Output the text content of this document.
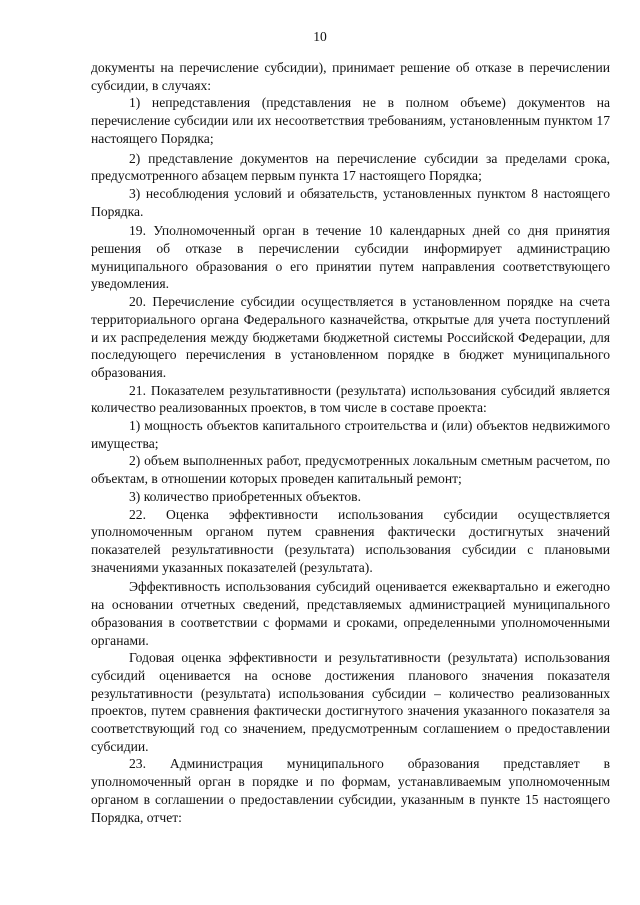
10

документы на перечисление субсидии), принимает решение об отказе в перечислении субсидии, в случаях:

1) непредставления (представления не в полном объеме) документов на перечисление субсидии или их несоответствия требованиям, установленным пунктом 17 настоящего Порядка;

2) представление документов на перечисление субсидии за пределами срока, предусмотренного абзацем первым пункта 17 настоящего Порядка;

3) несоблюдения условий и обязательств, установленных пунктом 8 настоящего Порядка.

19. Уполномоченный орган в течение 10 календарных дней со дня принятия решения об отказе в перечислении субсидии информирует администрацию муниципального образования о его принятии путем направления соответствующего уведомления.

20. Перечисление субсидии осуществляется в установленном порядке на счета территориального органа Федерального казначейства, открытые для учета поступлений и их распределения между бюджетами бюджетной системы Российской Федерации, для последующего перечисления в установленном порядке в бюджет муниципального образования.

21. Показателем результативности (результата) использования субсидий является количество реализованных проектов, в том числе в составе проекта:

1) мощность объектов капитального строительства и (или) объектов недвижимого имущества;

2) объем выполненных работ, предусмотренных локальным сметным расчетом, по объектам, в отношении которых проведен капитальный ремонт;

3) количество приобретенных объектов.

22. Оценка эффективности использования субсидии осуществляется уполномоченным органом путем сравнения фактически достигнутых значений показателей результативности (результата) использования субсидии с плановыми значениями указанных показателей (результата).

Эффективность использования субсидий оценивается ежеквартально и ежегодно на основании отчетных сведений, представляемых администрацией муниципального образования в соответствии с формами и сроками, определенными уполномоченными органами.

Годовая оценка эффективности и результативности (результата) использования субсидий оценивается на основе достижения планового значения показателя результативности (результата) использования субсидии – количество реализованных проектов, путем сравнения фактически достигнутого значения указанного показателя за соответствующий год со значением, предусмотренным соглашением о предоставлении субсидии.

23. Администрация муниципального образования представляет в уполномоченный орган в порядке и по формам, устанавливаемым уполномоченным органом в соглашении о предоставлении субсидии, указанным в пункте 15 настоящего Порядка, отчет:
